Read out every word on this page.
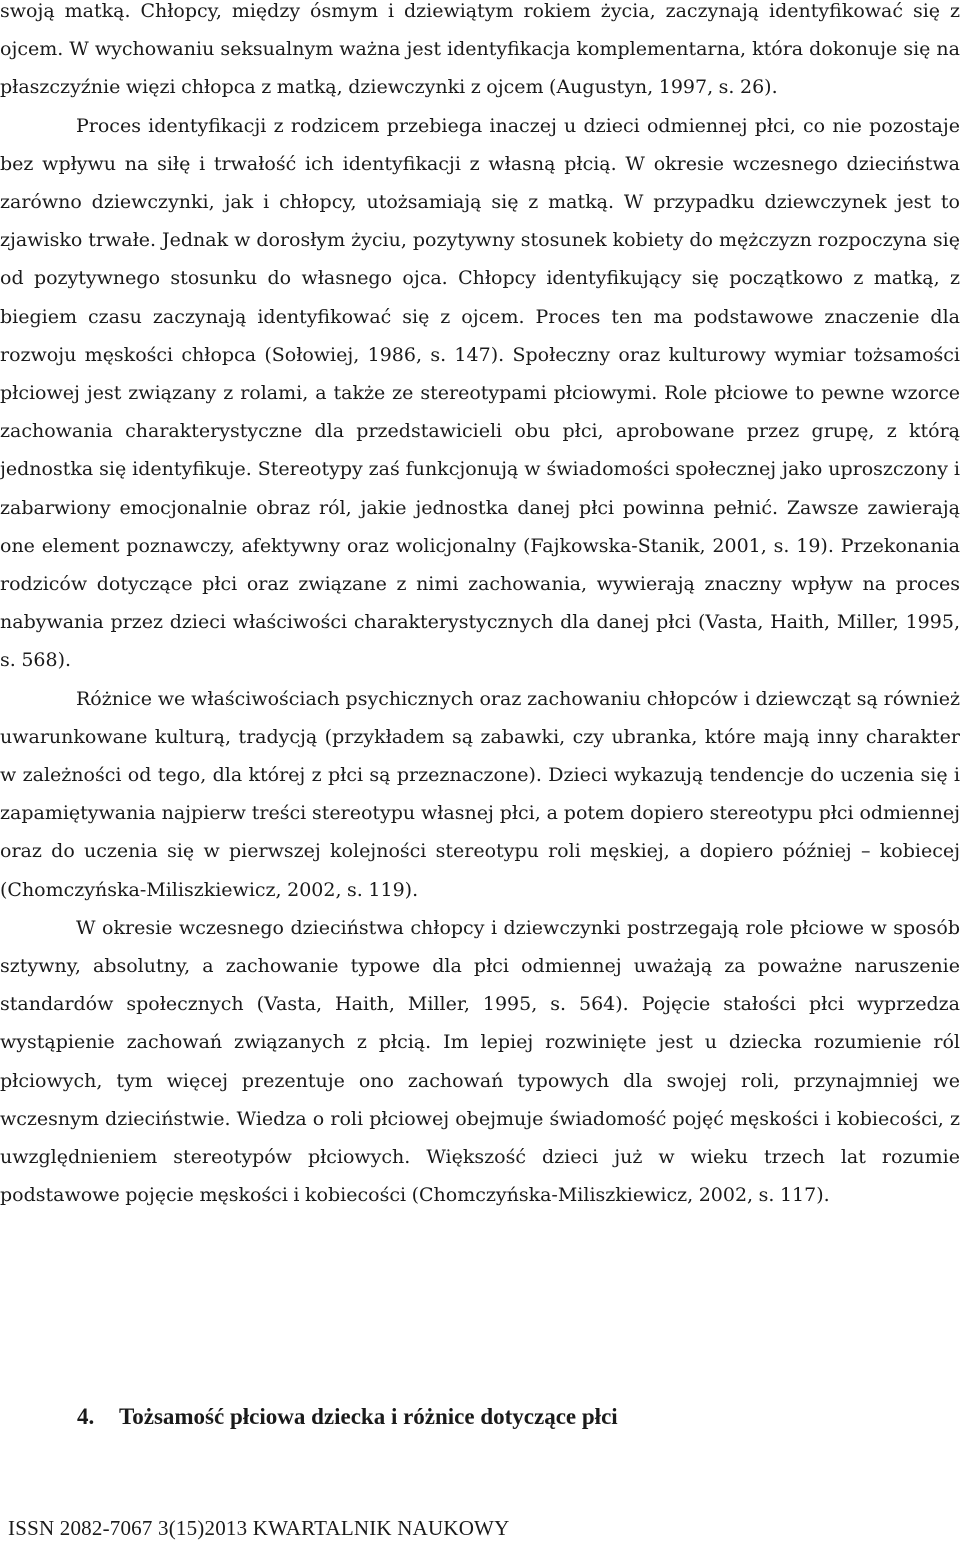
swoją matką. Chłopcy, między ósmym i dziewiątym rokiem życia, zaczynają identyfikować się z ojcem. W wychowaniu seksualnym ważna jest identyfikacja komplementarna, która dokonuje się na płaszczyźnie więzi chłopca z matką, dziewczynki z ojcem (Augustyn, 1997, s. 26).

Proces identyfikacji z rodzicem przebiega inaczej u dzieci odmiennej płci, co nie pozostaje bez wpływu na siłę i trwałość ich identyfikacji z własną płcią. W okresie wczesnego dzieciństwa zarówno dziewczynki, jak i chłopcy, utożsamiają się z matką. W przypadku dziewczynek jest to zjawisko trwałe. Jednak w dorosłym życiu, pozytywny stosunek kobiety do mężczyzn rozpoczyna się od pozytywnego stosunku do własnego ojca. Chłopcy identyfikujący się początkowo z matką, z biegiem czasu zaczynają identyfikować się z ojcem. Proces ten ma podstawowe znaczenie dla rozwoju męskości chłopca (Sołowiej, 1986, s. 147). Społeczny oraz kulturowy wymiar tożsamości płciowej jest związany z rolami, a także ze stereotypami płciowymi. Role płciowe to pewne wzorce zachowania charakterystyczne dla przedstawicieli obu płci, aprobowane przez grupę, z którą jednostka się identyfikuje. Stereotypy zaś funkcjonują w świadomości społecznej jako uproszczony i zabarwiony emocjonalnie obraz ról, jakie jednostka danej płci powinna pełnić. Zawsze zawierają one element poznawczy, afektywny oraz wolicjonalny (Fajkowska-Stanik, 2001, s. 19). Przekonania rodziców dotyczące płci oraz związane z nimi zachowania, wywierają znaczny wpływ na proces nabywania przez dzieci właściwości charakterystycznych dla danej płci (Vasta, Haith, Miller, 1995, s. 568).

Różnice we właściwościach psychicznych oraz zachowaniu chłopców i dziewcząt są również uwarunkowane kulturą, tradycją (przykładem są zabawki, czy ubranka, które mają inny charakter w zależności od tego, dla której z płci są przeznaczone). Dzieci wykazują tendencje do uczenia się i zapamiętywania najpierw treści stereotypu własnej płci, a potem dopiero stereotypu płci odmiennej oraz do uczenia się w pierwszej kolejności stereotypu roli męskiej, a dopiero później – kobiecej (Chomczyńska-Miliszkiewicz, 2002, s. 119).

W okresie wczesnego dzieciństwa chłopcy i dziewczynki postrzegają role płciowe w sposób sztywny, absolutny, a zachowanie typowe dla płci odmiennej uważają za poważne naruszenie standardów społecznych (Vasta, Haith, Miller, 1995, s. 564). Pojęcie stałości płci wyprzedza wystąpienie zachowań związanych z płcią. Im lepiej rozwinięte jest u dziecka rozumienie ról płciowych, tym więcej prezentuje ono zachowań typowych dla swojej roli, przynajmniej we wczesnym dzieciństwie. Wiedza o roli płciowej obejmuje świadomość pojęć męskości i kobiecości, z uwzględnieniem stereotypów płciowych. Większość dzieci już w wieku trzech lat rozumie podstawowe pojęcie męskości i kobiecości (Chomczyńska-Miliszkiewicz, 2002, s. 117).

4. Tożsamość płciowa dziecka i różnice dotyczące płci

ISSN 2082-7067 3(15)2013 KWARTALNIK NAUKOWY
